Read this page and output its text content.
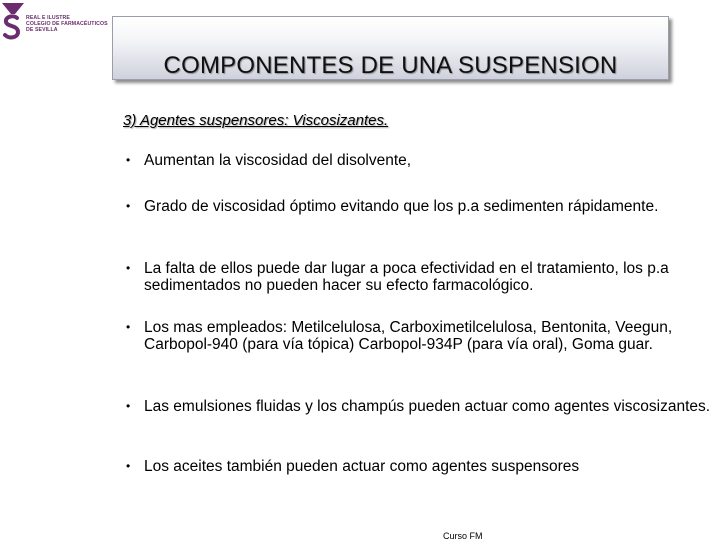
REAL E ILUSTRE
COLEGIO DE FARMACÉUTICOS
DE SEVILLA
COMPONENTES DE UNA SUSPENSION
3) Agentes suspensores: Viscosizantes.
• Aumentan la viscosidad del disolvente,
• Grado de viscosidad óptimo evitando que los p.a sedimenten rápidamente.
• La falta de ellos puede dar lugar a poca efectividad en el tratamiento, los p.a sedimentados no pueden hacer su efecto farmacológico.
• Los mas empleados: Metilcelulosa, Carboximetilcelulosa, Bentonita, Veegun, Carbopol-940 (para vía tópica) Carbopol-934P (para vía oral), Goma guar.
• Las emulsiones fluidas y los champús pueden actuar como agentes viscosizantes.
• Los aceites también pueden actuar como agentes suspensores
Curso FM
